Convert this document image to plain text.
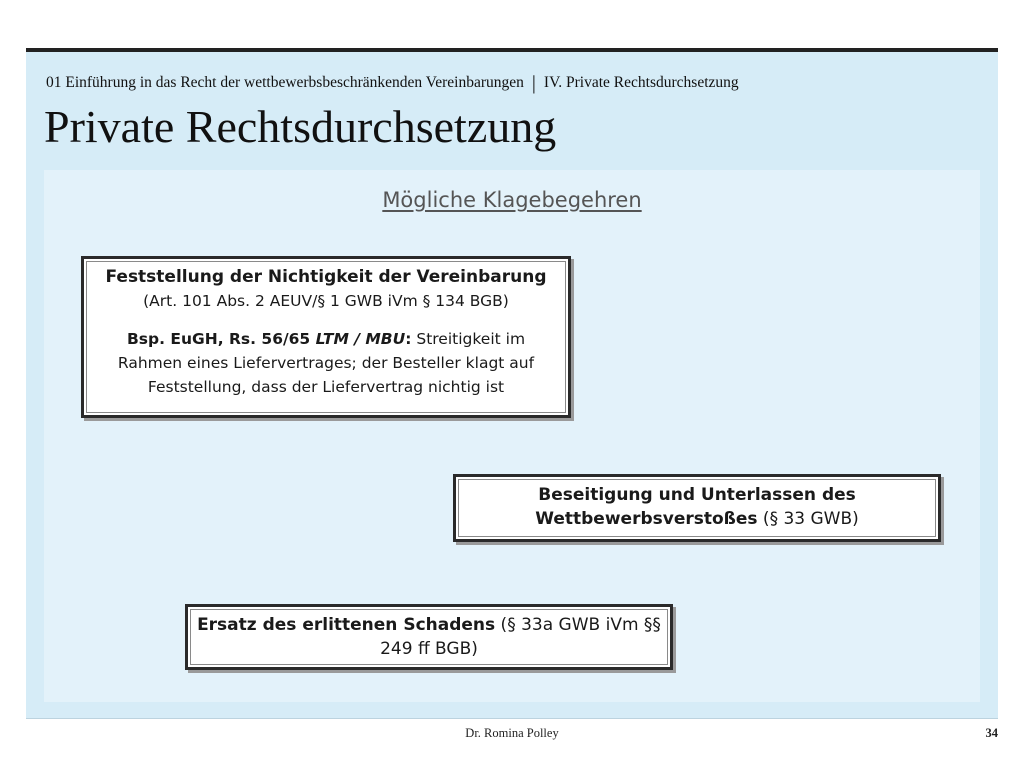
01 Einführung in das Recht der wettbewerbsbeschränkenden Vereinbarungen | IV. Private Rechtsdurchsetzung
Private Rechtsdurchsetzung
Mögliche Klagebegehren
Feststellung der Nichtigkeit der Vereinbarung
(Art. 101 Abs. 2 AEUV/§ 1 GWB iVm § 134 BGB)
Bsp. EuGH, Rs. 56/65 LTM / MBU: Streitigkeit im
Rahmen eines Liefervertrages; der Besteller klagt auf
Feststellung, dass der Liefervertrag nichtig ist
Beseitigung und Unterlassen des
Wettbewerbsverstoßes (§ 33 GWB)
Ersatz des erlittenen Schadens (§ 33a GWB iVm §§
249 ff BGB)
Dr. Romina Polley	34
